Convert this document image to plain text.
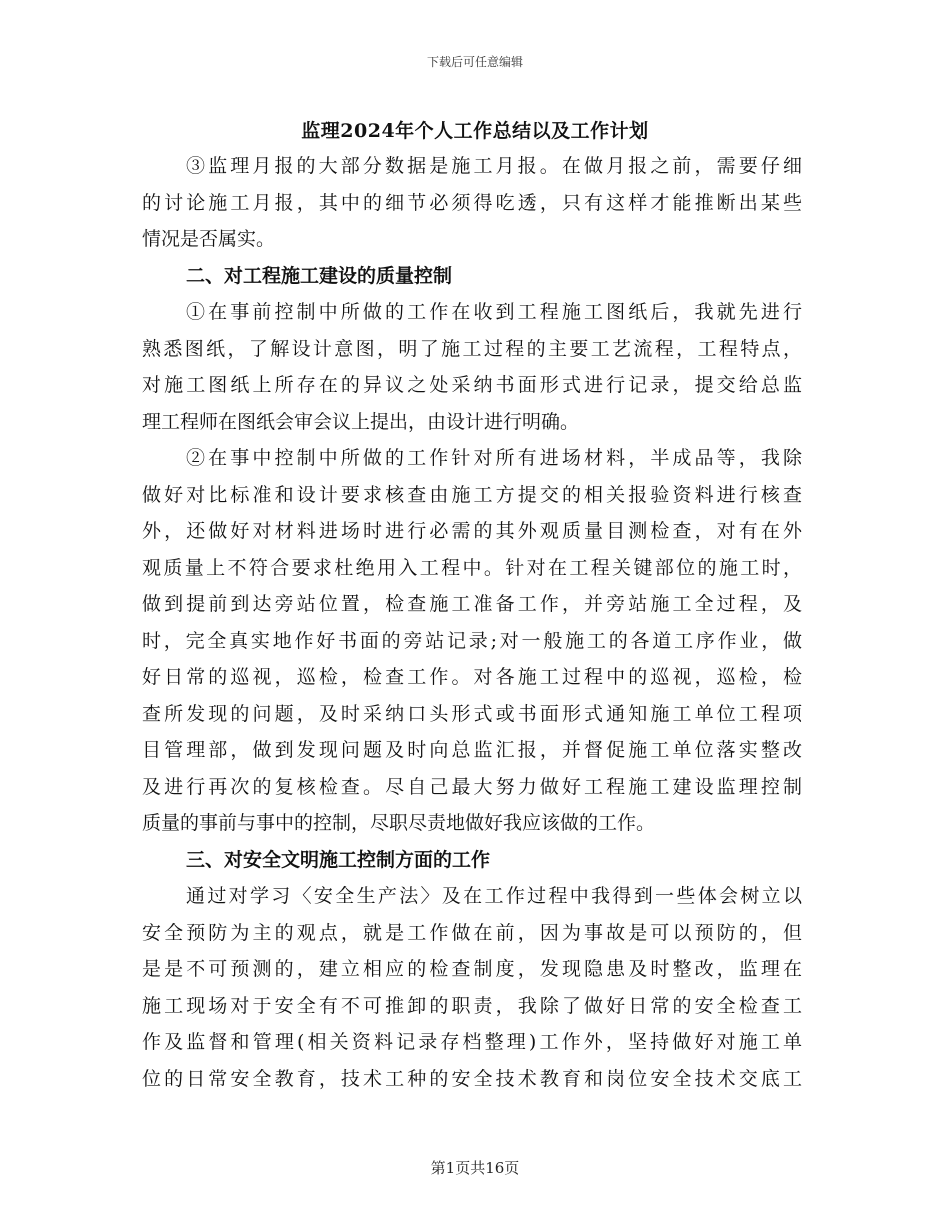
下载后可任意编辑
监理2024年个人工作总结以及工作计划
③监理月报的大部分数据是施工月报。在做月报之前，需要仔细
的讨论施工月报，其中的细节必须得吃透，只有这样才能推断出某些
情况是否属实。
二、对工程施工建设的质量控制
①在事前控制中所做的工作在收到工程施工图纸后，我就先进行
熟悉图纸，了解设计意图，明了施工过程的主要工艺流程，工程特点，
对施工图纸上所存在的异议之处采纳书面形式进行记录，提交给总监
理工程师在图纸会审会议上提出，由设计进行明确。
②在事中控制中所做的工作针对所有进场材料，半成品等，我除
做好对比标准和设计要求核查由施工方提交的相关报验资料进行核查
外，还做好对材料进场时进行必需的其外观质量目测检查，对有在外
观质量上不符合要求杜绝用入工程中。针对在工程关键部位的施工时，
做到提前到达旁站位置，检查施工准备工作，并旁站施工全过程，及
时，完全真实地作好书面的旁站记录;对一般施工的各道工序作业，做
好日常的巡视，巡检，检查工作。对各施工过程中的巡视，巡检，检
查所发现的问题，及时采纳口头形式或书面形式通知施工单位工程项
目管理部，做到发现问题及时向总监汇报，并督促施工单位落实整改
及进行再次的复核检查。尽自己最大努力做好工程施工建设监理控制
质量的事前与事中的控制，尽职尽责地做好我应该做的工作。
三、对安全文明施工控制方面的工作
通过对学习〈安全生产法〉及在工作过程中我得到一些体会树立以
安全预防为主的观点，就是工作做在前，因为事故是可以预防的，但
是是不可预测的，建立相应的检查制度，发现隐患及时整改，监理在
施工现场对于安全有不可推卸的职责，我除了做好日常的安全检查工
作及监督和管理(相关资料记录存档整理)工作外，坚持做好对施工单
位的日常安全教育，技术工种的安全技术教育和岗位安全技术交底工
第1页共16页
